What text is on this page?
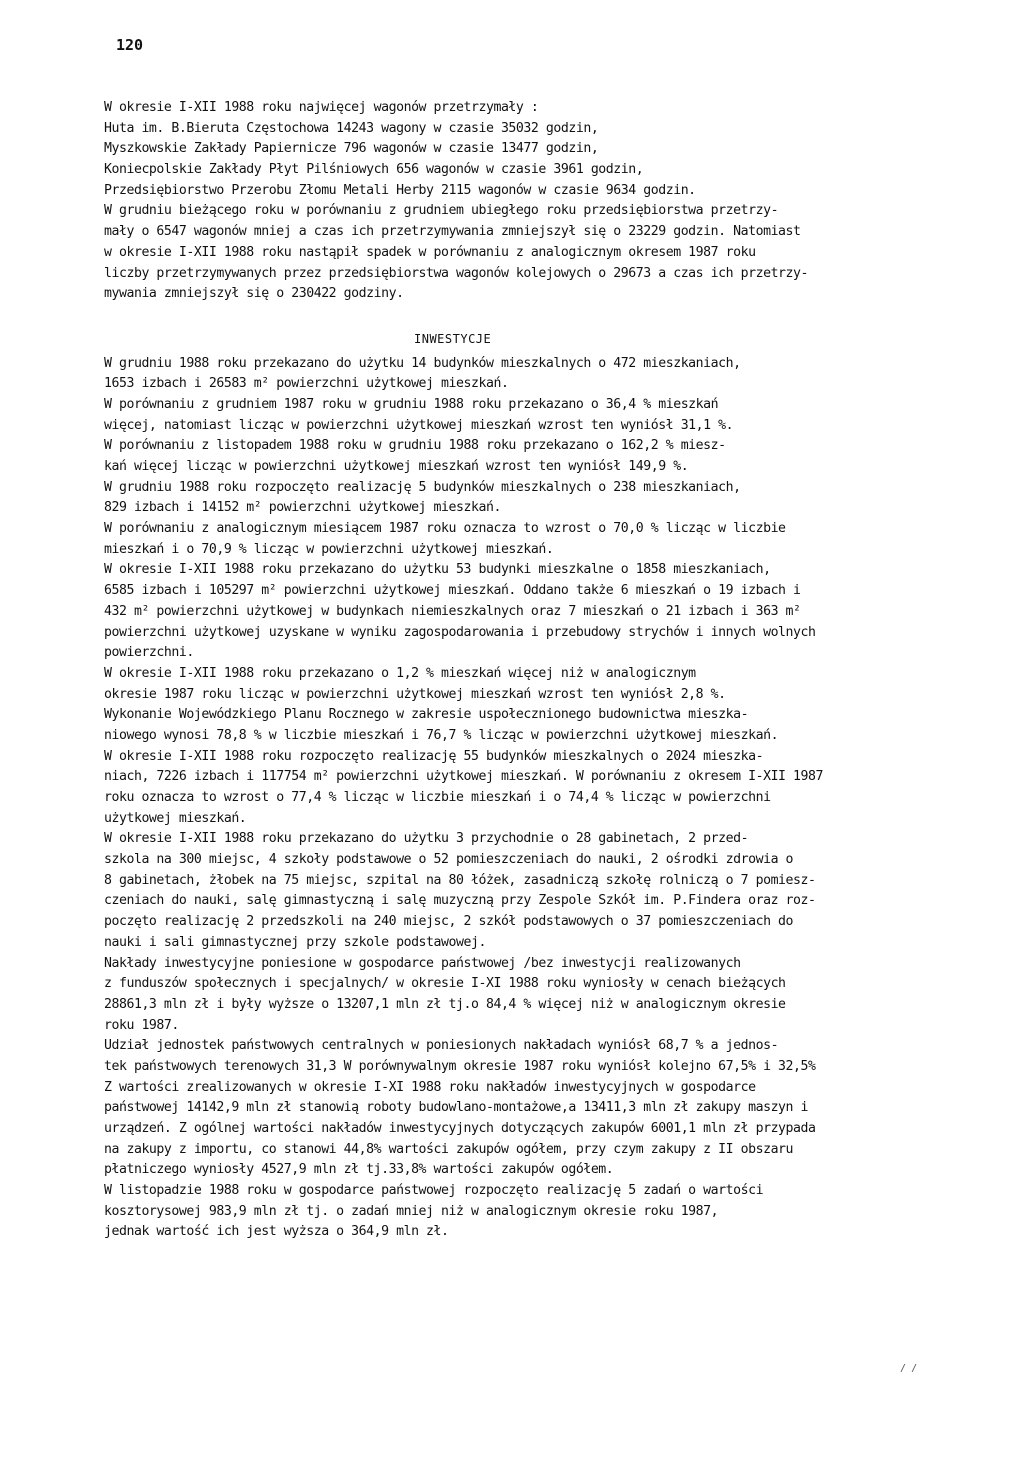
120
W okresie I-XII 1988 roku najwięcej wagonów przetrzymały :
Huta im. B.Bieruta Częstochowa 14243 wagony w czasie 35032 godzin,
Myszkowskie Zakłady Papiernicze 796 wagonów w czasie 13477 godzin,
Koniecpolskie Zakłady Płyt Pilśniowych 656 wagonów w czasie 3961 godzin,
Przedsiębiorstwo Przerobu Złomu Metali Herby 2115 wagonów w czasie 9634 godzin.
W grudniu bieżącego roku w porównaniu z grudniem ubiegłego roku przedsiębiorstwa przetrzy-
mały o 6547 wagonów mniej a czas ich przetrzymywania zmniejszył się o 23229 godzin. Natomiast
w okresie I-XII 1988 roku nastąpił spadek w porównaniu z analogicznym okresem 1987 roku
liczby przetrzymywanych przez przedsiębiorstwa wagonów kolejowych o 29673 a czas ich przetrzy-
mywania zmniejszył się o 230422 godziny.
INWESTYCJE
W grudniu 1988 roku przekazano do użytku 14 budynków mieszkalnych o 472 mieszkaniach,
1653 izbach i 26583 m² powierzchni użytkowej mieszkań.
W porównaniu z grudniem 1987 roku w grudniu 1988 roku przekazano o 36,4 % mieszkań
więcej, natomiast licząc w powierzchni użytkowej mieszkań wzrost ten wyniósł 31,1 %.
W porównaniu z listopadem 1988 roku w grudniu 1988 roku przekazano o 162,2 % miesz-
kań więcej licząc w powierzchni użytkowej mieszkań wzrost ten wyniósł 149,9 %.
W grudniu 1988 roku rozpoczęto realizację 5 budynków mieszkalnych o 238 mieszkaniach,
829 izbach i 14152 m² powierzchni użytkowej mieszkań.
W porównaniu z analogicznym miesiącem 1987 roku oznacza to wzrost o 70,0 % licząc w liczbie
mieszkań i o 70,9 % licząc w powierzchni użytkowej mieszkań.
W okresie I-XII 1988 roku przekazano do użytku 53 budynki mieszkalne o 1858 mieszkaniach,
6585 izbach i 105297 m² powierzchni użytkowej mieszkań. Oddano także 6 mieszkań o 19 izbach i
432 m² powierzchni użytkowej w budynkach niemieszkalnych oraz 7 mieszkań o 21 izbach i 363 m²
powierzchni użytkowej uzyskane w wyniku zagospodarowania i przebudowy strychów i innych wolnych
powierzchni.
W okresie I-XII 1988 roku przekazano o 1,2 % mieszkań więcej niż w analogicznym
okresie 1987 roku licząc w powierzchni użytkowej mieszkań wzrost ten wyniósł 2,8 %.
Wykonanie Wojewódzkiego Planu Rocznego w zakresie uspołecznionego budownictwa mieszka-
niowego wynosi 78,8 % w liczbie mieszkań i 76,7 % licząc w powierzchni użytkowej mieszkań.
W okresie I-XII 1988 roku rozpoczęto realizację 55 budynków mieszkalnych o 2024 mieszka-
niach, 7226 izbach i 117754 m² powierzchni użytkowej mieszkań. W porównaniu z okresem I-XII 1987
roku oznacza to wzrost o 77,4 % licząc w liczbie mieszkań i o 74,4 % licząc w powierzchni
użytkowej mieszkań.
W okresie I-XII 1988 roku przekazano do użytku 3 przychodnie o 28 gabinetach, 2 przed-
szkola na 300 miejsc, 4 szkoły podstawowe o 52 pomieszczeniach do nauki, 2 ośrodki zdrowia o
8 gabinetach, żłobek na 75 miejsc, szpital na 80 łóżek, zasadniczą szkołę rolniczą o 7 pomiesz-
czeniach do nauki, salę gimnastyczną i salę muzyczną przy Zespole Szkół im. P.Findera oraz roz-
poczęto realizację 2 przedszkoli na 240 miejsc, 2 szkół podstawowych o 37 pomieszczeniach do
nauki i sali gimnastycznej przy szkole podstawowej.
Nakłady inwestycyjne poniesione w gospodarce państwowej /bez inwestycji realizowanych
z funduszów społecznych i specjalnych/ w okresie I-XI 1988 roku wyniosły w cenach bieżących
28861,3 mln zł i były wyższe o 13207,1 mln zł tj.o 84,4 % więcej niż w analogicznym okresie
roku 1987.
Udział jednostek państwowych centralnych w poniesionych nakładach wyniósł 68,7 % a jednos-
tek państwowych terenowych 31,3 W porównywalnym okresie 1987 roku wyniósł kolejno 67,5% i 32,5%
Z wartości zrealizowanych w okresie I-XI 1988 roku nakładów inwestycyjnych w gospodarce
państwowej 14142,9 mln zł stanowią roboty budowlano-montażowe,a 13411,3 mln zł zakupy maszyn i
urządzeń. Z ogólnej wartości nakładów inwestycyjnych dotyczących zakupów 6001,1 mln zł przypada
na zakupy z importu, co stanowi 44,8% wartości zakupów ogółem, przy czym zakupy z II obszaru
płatniczego wyniosły 4527,9 mln zł tj.33,8% wartości zakupów ogółem.
W listopadzie 1988 roku w gospodarce państwowej rozpoczęto realizację 5 zadań o wartości
kosztorysowej 983,9 mln zł tj. o zadań mniej niż w analogicznym okresie roku 1987,
jednak wartość ich jest wyższa o 364,9 mln zł.
/ /
